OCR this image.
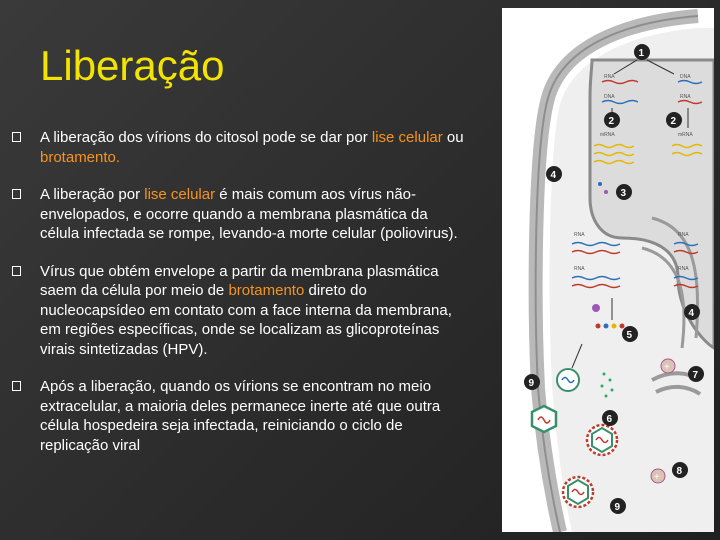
Liberação
A liberação dos vírions do citosol pode se dar por lise celular ou brotamento.
A liberação por lise celular é mais comum aos vírus não-envelopados, e ocorre quando a membrana plasmática da célula infectada se rompe, levando-a morte celular (poliovirus).
Vírus que obtém envelope a partir da membrana plasmática saem da célula por meio de brotamento direto do nucleocapsídeo em contato com a face interna da membrana, em regiões específicas, onde se localizam as glicoproteínas virais sintetizadas (HPV).
Após a liberação, quando os vírions se encontram no meio extracelular, a maioria deles permanece inerte até que outra célula hospedeira seja infectada, reiniciando o ciclo de replicação viral
RNA	DNA
DNA	RNA
mRNA	mRNA
RNA
RNA
RNA
RNA
+
+
1
2	2
3
4
4
5
6
7
8
9
9
